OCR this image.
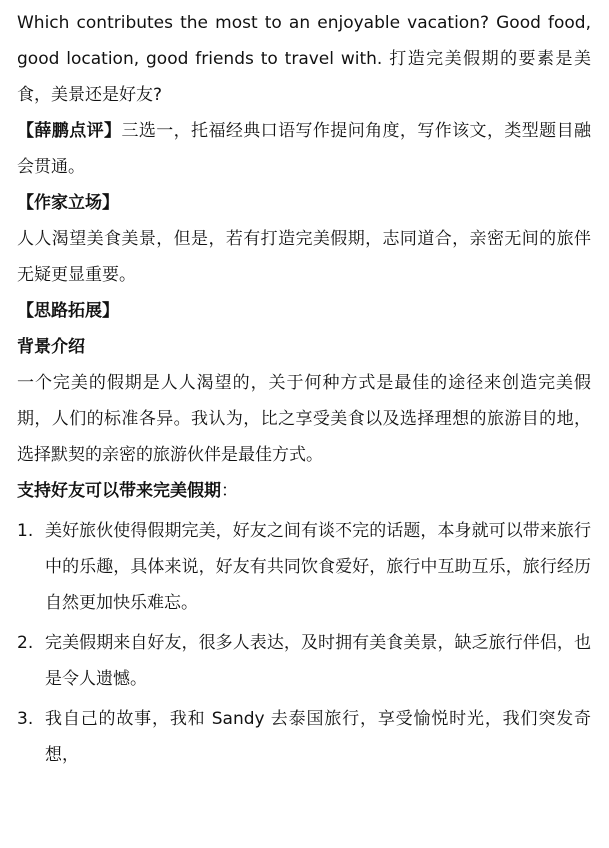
Which contributes the most to an enjoyable vacation? Good food, good location, good friends to travel with. 打造完美假期的要素是美食，美景还是好友?

【薛鹏点评】三选一，托福经典口语写作提问角度，写作该文，类型题目融会贯通。

【作家立场】

人人渴望美食美景，但是，若有打造完美假期，志同道合，亲密无间的旅伴无疑更显重要。

【思路拓展】

背景介绍

一个完美的假期是人人渴望的，关于何种方式是最佳的途径来创造完美假期，人们的标准各异。我认为，比之享受美食以及选择理想的旅游目的地，选择默契的亲密的旅游伙伴是最佳方式。

支持好友可以带来完美假期：

1. 美好旅伙使得假期完美，好友之间有谈不完的话题，本身就可以带来旅行中的乐趣，具体来说，好友有共同饮食爱好，旅行中互助互乐，旅行经历自然更加快乐难忘。
2. 完美假期来自好友，很多人表达，及时拥有美食美景，缺乏旅行伴侣，也是令人遗憾。
3. 我自己的故事，我和 Sandy 去泰国旅行，享受愉悦时光，我们突发奇想，
